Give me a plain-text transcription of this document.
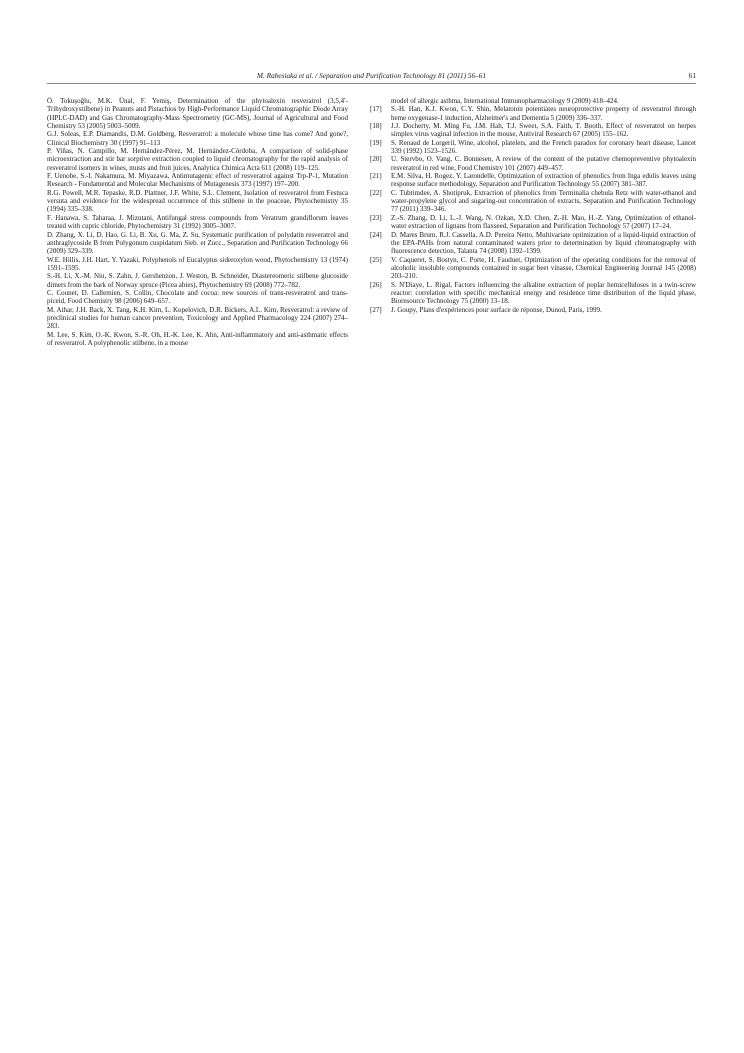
M. Rabesiaka et al. / Separation and Purification Technology 81 (2011) 56–61	61

Ö. Tokuşoğlu, M.K. Ünal, F. Yemiş, Determination of the phytoalexin resveratrol (3,5,4′-Trihydroxystilbene) in Peanuts and Pistachios by High-Performance Liquid Chromatographic Diode Array (HPLC-DAD) and Gas Chromatography-Mass Spectrometry (GC-MS), Journal of Agricultural and Food Chemistry 53 (2005) 5003–5009.

G.J. Soleas, E.P. Diamandis, D.M. Goldberg, Resveratrol: a molecule whose time has come? And gone?, Clinical Biochemistry 30 (1997) 91–113

P. Viñas, N. Campillo, M. Hernández-Pérez, M. Hernández-Córdoba, A comparison of solid-phase microextraction and stir bar sorptive extraction coupled to liquid chromatography for the rapid analysis of resveratrol isomers in wines, musts and fruit juices, Analytica Chimica Acta 611 (2008) 119–125.

F. Uenobe, S.-I. Nakamura, M. Miyazawa, Antimutagenic effect of resveratrol against Trp-P-1, Mutation Research - Fundamental and Molecular Mechanisms of Mutagenesis 373 (1997) 197–200.

R.G. Powell, M.R. Tepaske, R.D. Plattner, J.F. White, S.L. Clement, Isolation of resveratrol from Festuca versuta and evidence for the widespread occurrence of this stilbene in the poaceae, Phytochemistry 35 (1994) 335–338.

F. Hanawa, S. Taharaa, J. Mizutani, Antifungal stress compounds from Veratrum grandiflorum leaves treated with cupric chloride, Phytochemistry 31 (1992) 3005–3007.

D. Zhang, X. Li, D. Hao, G. Li, B. Xu, G. Ma, Z. Su, Systematic purification of polydatin resveratrol and anthraglycoside B from Polygonum cuspidatum Sieb. et Zucc., Separation and Purification Technology 66 (2009) 329–339.

W.E. Hillis, J.H. Hart, Y. Yazaki, Polyphenols of Eucalyptus sideroxylon wood, Phytochemistry 13 (1974) 1591–1595.

S.-H. Li, X.-M. Niu, S. Zahn, J. Gershenzon, J. Weston, B. Schneider, Diastereomeric stilbene glucoside dimers from the bark of Norway spruce (Picea abies), Phytochemistry 69 (2008) 772–782.

C. Counet, D. Callemien, S. Collin, Chocolate and cocoa: new sources of trans-resveratrol and trans-piceid, Food Chemistry 98 (2006) 649–657.

M. Athar, J.H. Back, X. Tang, K.H. Kim, L. Kopelovich, D.R. Bickers, A.L. Kim, Resveratrol: a review of preclinical studies for human cancer prevention, Toxicology and Applied Pharmacology 224 (2007) 274–283.

M. Lee, S. Kim, O.-K. Kwon, S.-R. Oh, H.-K. Lee, K. Ahn, Anti-inflammatory and anti-asthmatic effects of resveratrol. A polyphenolic stilbene, in a mouse

model of allergic asthma, International Immunopharmacology 9 (2009) 418–424.

[17] S.-H. Han, K.J. Kwon, C.Y. Shin, Melatonin potentiates neuroprotective property of resveratrol through heme oxygenase-1 induction, Alzheimer's and Dementia 5 (2009) 336–337.

[18] J.J. Docherty, M. Ming Fu, J.M. Hah, T.J. Sweet, S.A. Faith, T. Booth, Effect of resveratrol on herpes simplex virus vaginal infection in the mouse, Antiviral Research 67 (2005) 155–162.

[19] S. Renaud de Lorgeril, Wine, alcohol, platelets, and the French paradox for coronary heart disease, Lancet 339 (1992) 1523–1526.

[20] U. Stervbo, O. Vang, C. Bonnesen, A review of the content of the putative chemopreventive phytoalexin resveratrol in red wine, Food Chemistry 101 (2007) 449–457.

[21] E.M. Silva, H. Rogez, Y. Larondelle, Optimization of extraction of phenolics from Inga edulis leaves using response surface methodology, Separation and Purification Technology 55 (2007) 381–387.

[22] C. Tubtimdee, A. Shotipruk, Extraction of phenolics from Terminalia chebula Retz with water-ethanol and water-propylene glycol and sugaring-out concentration of extracts, Separation and Purification Technology 77 (2011) 339–346.

[23] Z.-S. Zhang, D. Li, L.-J. Wang, N. Ozkan, X.D. Chen, Z.-H. Mao, H.-Z. Yang, Optimization of ethanol-water extraction of lignans from flaxseed, Separation and Purification Technology 57 (2007) 17–24.

[24] D. Mares Brum, R.J. Cassella, A.D. Pereira Netto, Multivariate optimization of a liquid-liquid extraction of the EPA-PAHs from natural contaminated waters prior to determination by liquid chromatography with fluorescence detection, Talanta 74 (2008) 1392–1399.

[25] V. Caqueret, S. Bostyn, C. Porte, H. Fauduet, Optimization of the operating conditions for the removal of alcoholic insoluble compounds contained in sugar beet vinasse, Chemical Engineering Journal 145 (2008) 203–210.

[26] S. N'Diaye, L. Rigal, Factors influencing the alkaline extraction of poplar hemicelluloses in a twin-screw reactor: correlation with specific mechanical energy and residence time distribution of the liquid phase, Bioresource Technology 75 (2000) 13–18.

[27] J. Goupy, Plans d'expériences pour surface de réponse, Dunod, Paris, 1999.
